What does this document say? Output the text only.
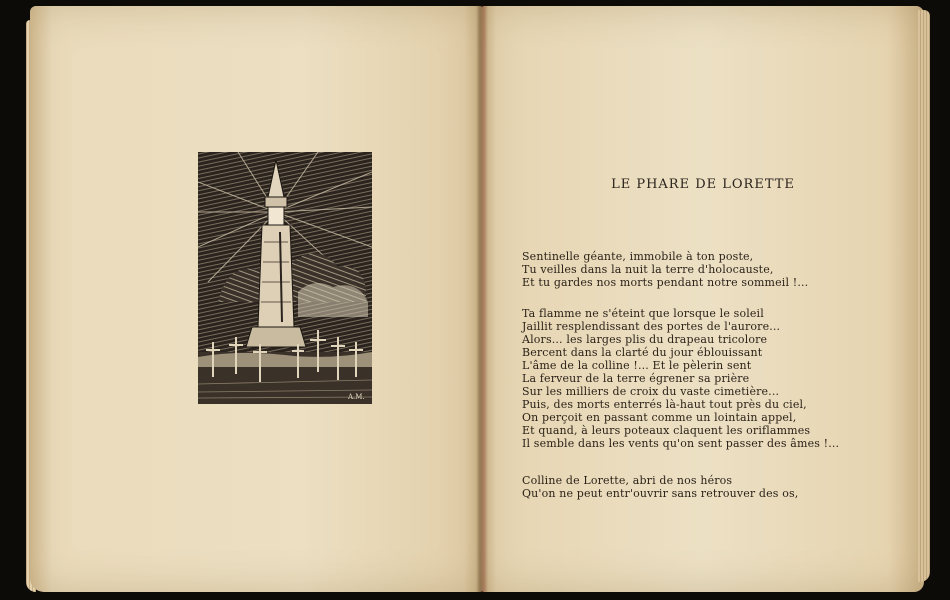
A.M.
LE PHARE DE LORETTE
Sentinelle géante, immobile à ton poste,
Tu veilles dans la nuit la terre d'holocauste,
Et tu gardes nos morts pendant notre sommeil !...
Ta flamme ne s'éteint que lorsque le soleil
Jaillit resplendissant des portes de l'aurore...
Alors... les larges plis du drapeau tricolore
Bercent dans la clarté du jour éblouissant
L'âme de la colline !... Et le pèlerin sent
La ferveur de la terre égrener sa prière
Sur les milliers de croix du vaste cimetière...
Puis, des morts enterrés là-haut tout près du ciel,
On perçoit en passant comme un lointain appel,
Et quand, à leurs poteaux claquent les oriflammes
Il semble dans les vents qu'on sent passer des âmes !...
Colline de Lorette, abri de nos héros
Qu'on ne peut entr'ouvrir sans retrouver des os,
